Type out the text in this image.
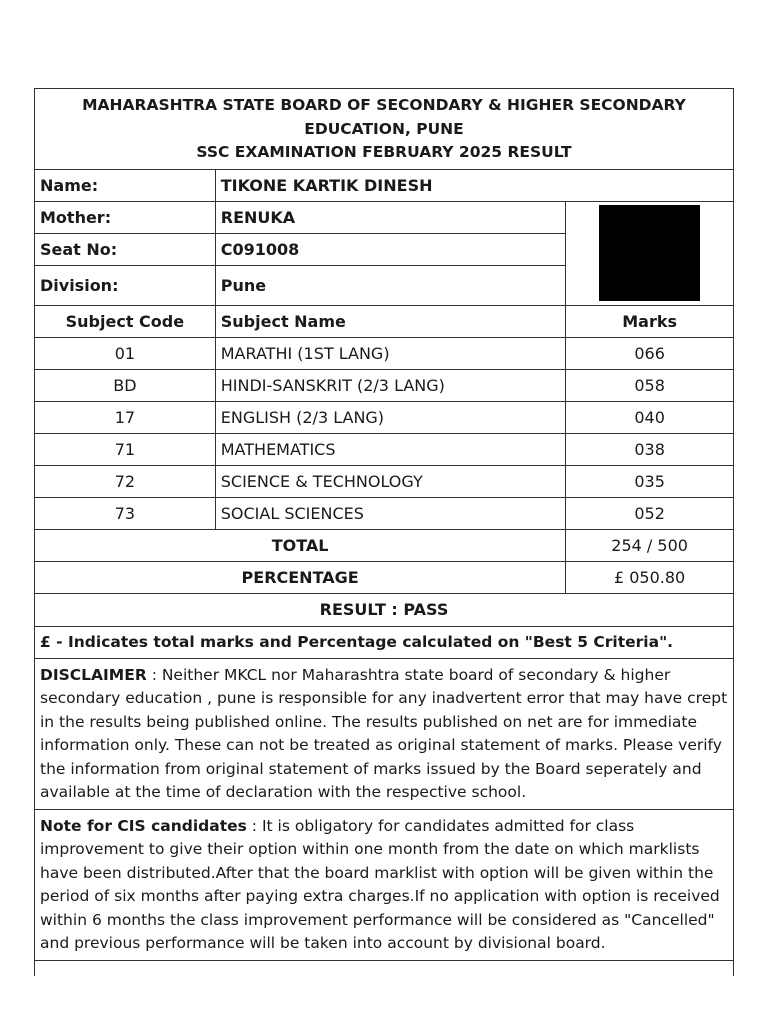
MAHARASHTRA STATE BOARD OF SECONDARY & HIGHER SECONDARY EDUCATION, PUNE
SSC EXAMINATION FEBRUARY 2025 RESULT		

Name:	TIKONE KARTIK DINESH	
Mother:	RENUKA	

Seat No:	C091008	
Division:	Pune	
Subject Code	Subject Name	Marks
01	MARATHI (1ST LANG)	066
BD	HINDI-SANSKRIT (2/3 LANG)	058
17	ENGLISH (2/3 LANG)	040
71	MATHEMATICS	038
72	SCIENCE & TECHNOLOGY	035
73	SOCIAL SCIENCES	052
TOTAL		254 / 500
PERCENTAGE		£ 050.80
RESULT : PASS		
£ - Indicates total marks and Percentage calculated on "Best 5 Criteria".		
DISCLAIMER : Neither MKCL nor Maharashtra state board of secondary & higher secondary education , pune is responsible for any inadvertent error that may have crept in the results being published online. The results published on net are for immediate information only. These can not be treated as original statement of marks. Please verify the information from original statement of marks issued by the Board seperately and available at the time of declaration with the respective school.		
Note for CIS candidates : It is obligatory for candidates admitted for class improvement to give their option within one month from the date on which marklists have been distributed.After that the board marklist with option will be given within the period of six months after paying extra charges.If no application with option is received within 6 months the class improvement performance will be considered as "Cancelled" and previous performance will be taken into account by divisional board.		
